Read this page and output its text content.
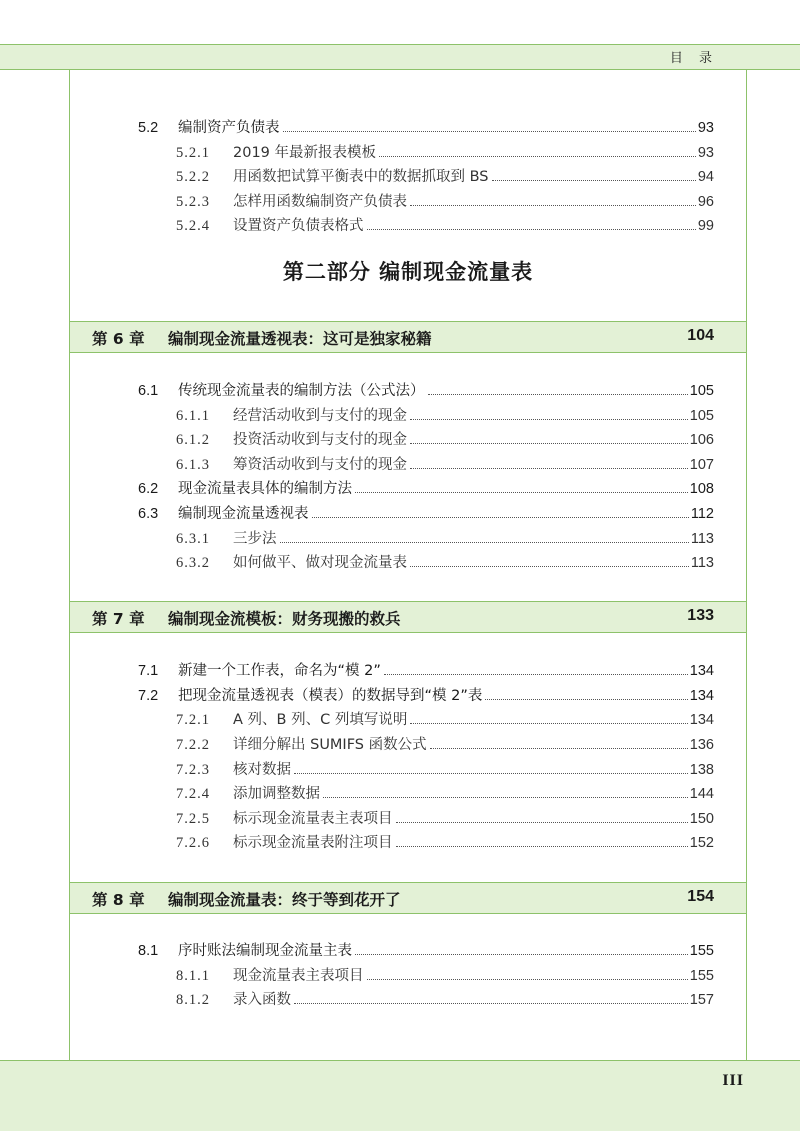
目 录
III
5.2	编制资产负债表	93
5.2.1	2019 年最新报表模板	93
5.2.2	用函数把试算平衡表中的数据抓取到 BS	94
5.2.3	怎样用函数编制资产负债表	96
5.2.4	设置资产负债表格式	99
第二部分 编制现金流量表
第 6 章 编制现金流量透视表：这可是独家秘籍	104
6.1	传统现金流量表的编制方法（公式法）	105
6.1.1	经营活动收到与支付的现金	105
6.1.2	投资活动收到与支付的现金	106
6.1.3	筹资活动收到与支付的现金	107
6.2	现金流量表具体的编制方法	108
6.3	编制现金流量透视表	112
6.3.1	三步法	113
6.3.2	如何做平、做对现金流量表	113
第 7 章 编制现金流模板：财务现搬的救兵	133
7.1	新建一个工作表，命名为“模 2”	134
7.2	把现金流量透视表（模表）的数据导到“模 2”表	134
7.2.1	A 列、B 列、C 列填写说明	134
7.2.2	详细分解出 SUMIFS 函数公式	136
7.2.3	核对数据	138
7.2.4	添加调整数据	144
7.2.5	标示现金流量表主表项目	150
7.2.6	标示现金流量表附注项目	152
第 8 章 编制现金流量表：终于等到花开了	154
8.1	序时账法编制现金流量主表	155
8.1.1	现金流量表主表项目	155
8.1.2	录入函数	157
